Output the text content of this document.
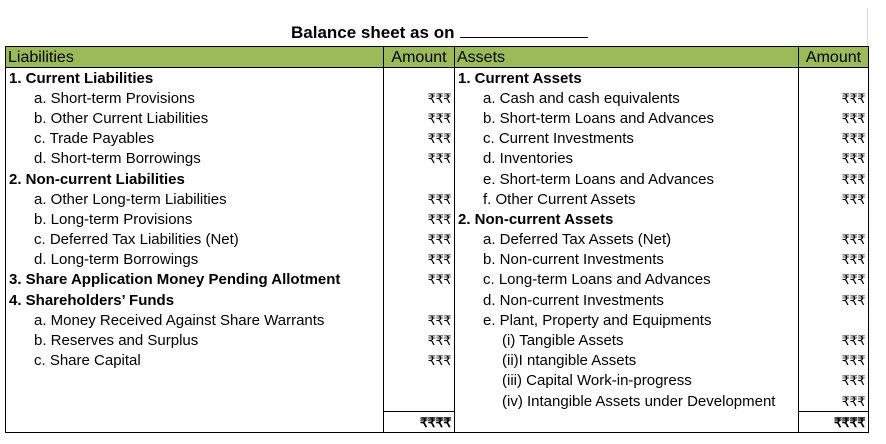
Balance sheet as on
Liabilities	Amount	Assets	Amount
1. Current Liabilities		1. Current Assets	
a. Short-term Provisions	₹₹₹	a. Cash and cash equivalents	₹₹₹
b. Other Current Liabilities	₹₹₹	b. Short-term Loans and Advances	₹₹₹
c. Trade Payables	₹₹₹	c. Current Investments	₹₹₹
d. Short-term Borrowings	₹₹₹	d. Inventories	₹₹₹
2. Non-current Liabilities		e. Short-term Loans and Advances	₹₹₹
a. Other Long-term Liabilities	₹₹₹	f. Other Current Assets	₹₹₹
b. Long-term Provisions	₹₹₹	2. Non-current Assets	
c. Deferred Tax Liabilities (Net)	₹₹₹	a. Deferred Tax Assets (Net)	₹₹₹
d. Long-term Borrowings	₹₹₹	b. Non-current Investments	₹₹₹
3. Share Application Money Pending Allotment	₹₹₹	c. Long-term Loans and Advances	₹₹₹
4. Shareholders’ Funds		d. Non-current Investments	₹₹₹
a. Money Received Against Share Warrants	₹₹₹	e. Plant, Property and Equipments	
b. Reserves and Surplus	₹₹₹	(i) Tangible Assets	₹₹₹
c. Share Capital	₹₹₹	(ii)I ntangible Assets	₹₹₹
		(iii) Capital Work-in-progress	₹₹₹
		(iv) Intangible Assets under Development	₹₹₹
	₹₹₹₹		₹₹₹₹
